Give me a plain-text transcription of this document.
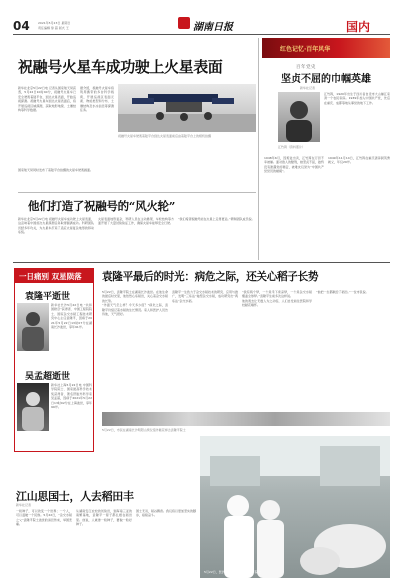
04	2021年5月23日 星期日
责任编辑 徐 超 版式 王	湖南日报	国内
祝融号火星车成功驶上火星表面
新华社北京5月22日电 记者从国家航天局获悉，5月22日10时40分，祝融号火星车已安全驶离着陆平台，到达火星表面，开始巡视探测。祝融号火星车到达火星表面后，将开展巡视区域探测，获取地形地貌、土壤结构等科学数据。
据介绍，祝融号火星车将利用携带的多台科学载荷，开展巡视区表面元素、物质类型和分布、土壤结构及水冰信息等探测任务。
国家航天局同时发布了着陆平台拍摄的火星车驶离画面。
祝融号火星车驶离着陆平台到达火星表面前后由着陆平台上的相机拍摄
他们打造了祝融号的“风火轮”
新华社北京5月22日电 祝融号火星车成功驶上火星表面，这意味着中国首次火星探测任务取得圆满成功。科研团队历经多年攻关，为火星车打造了适应火星复杂地形的移动系统。
火星表面地形复杂，科研人员在主动悬架、车轮结构等方面开展了大量试验验证工作，确保火星车能够安全行驶。
“我们希望祝融号能在火星上走得更远。”研制团队成员说。
红色记忆·百年风华
百年党史
坚贞不屈的巾帼英雄
新华社记者
江竹筠（资料照片）
江竹筠，1920年出生于四川省自贡市大山铺江家湾一个农民家庭。1939年加入中国共产党，先后在重庆、成都等地从事党的地下工作。
1948年6月，因叛徒出卖，江竹筠在万县不幸被捕。面对敌人的酷刑，她坚贞不屈，始终没有泄露党的秘密，被难友们誉为“中国共产党党员的楷模”。
1949年11月14日，江竹筠在重庆渣滓洞英勇就义，年仅29岁。
一日痛别 双星陨落
袁隆平逝世
新华社长沙5月22日电 “共和国勋章”获得者、中国工程院院士、国家杂交水稻工程技术研究中心主任袁隆平，因病于2021年5月22日13时07分在湖南长沙逝世，享年91岁。
吴孟超逝世
新华社上海5月22日电 中国科学院院士、国家最高科学技术奖获得者、著名肝脏外科学家吴孟超，因病于2021年5月22日13时02分在上海逝世，享年99岁。
袁隆平最后的时光：病危之际，还关心稻子长势
5月22日，袁隆平院士在湖南长沙逝世。在他生命的最后时光里，他依然心系稻田，关心着杂交水稻的长势。
“外面天气怎么样？今天多少度？”病危之际，袁隆平仍惦记着水稻的生长情况。家人和医护人员告诉他，天气很好。
袁隆平一生致力于杂交水稻技术的研究、应用与推广，发明“三系法”籼型杂交水稻，成功研究出“两系法”杂交水稻。
“我有两个梦，一个是禾下乘凉梦，一个是杂交水稻覆盖全球梦。”袁隆平生前多次这样说。
他的离去让无数人为之动容，人们自发前往医院和学校献花缅怀。
“他把一生都献给了稻田。”一位市民说。
5月22日，市民在湖南长沙明阳山殡仪馆外献花悼念袁隆平院士
5月22日，医护人员在长沙送别袁隆平院士
江山思国士，人去稻田丰
新华社记者
一粒种子，可以改变一个世界；一个人，可以温暖一个民族。5月22日，“杂交水稻之父”袁隆平院士逝世的消息传来，举国悲痛。
从湖南安江农校的试验田，到海南三亚的南繁基地，袁隆平一辈子都扎根在稻田里。他说，人就像一粒种子，要做一粒好种子。
国士无双，稻谷飘香。我们将以更加坚实的脚步，接续奋斗。
